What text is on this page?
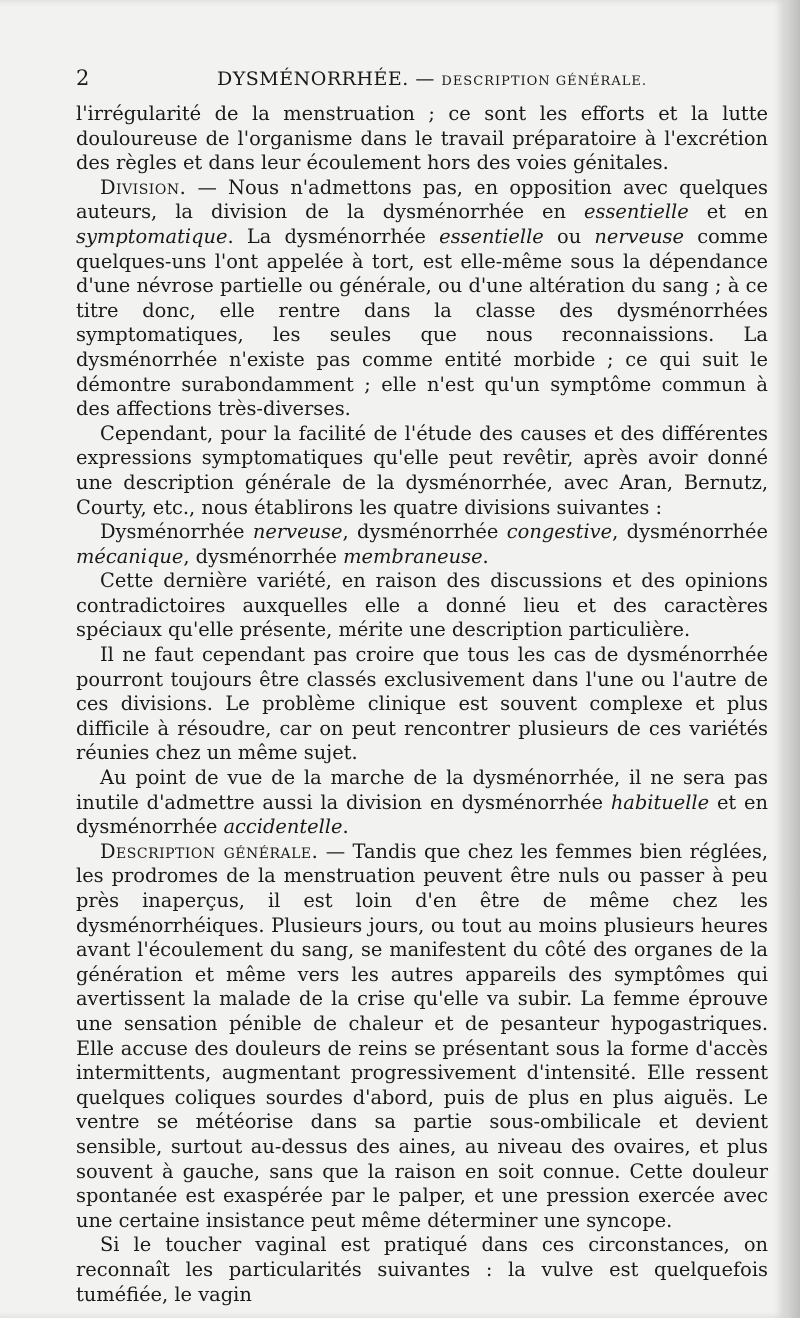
2	DYSMÉNORRHÉE. — DESCRIPTION GÉNÉRALE.

l'irrégularité de la menstruation ; ce sont les efforts et la lutte douloureuse de l'organisme dans le travail préparatoire à l'excrétion des règles et dans leur écoulement hors des voies génitales.

Division. — Nous n'admettons pas, en opposition avec quelques auteurs, la division de la dysménorrhée en essentielle et en symptomatique. La dysménorrhée essentielle ou nerveuse comme quelques-uns l'ont appelée à tort, est elle-même sous la dépendance d'une névrose partielle ou générale, ou d'une altération du sang ; à ce titre donc, elle rentre dans la classe des dysménorrhées symptomatiques, les seules que nous reconnaissions. La dysménorrhée n'existe pas comme entité morbide ; ce qui suit le démontre surabondamment ; elle n'est qu'un symptôme commun à des affections très-diverses.

Cependant, pour la facilité de l'étude des causes et des différentes expressions symptomatiques qu'elle peut revêtir, après avoir donné une description générale de la dysménorrhée, avec Aran, Bernutz, Courty, etc., nous établirons les quatre divisions suivantes :

Dysménorrhée nerveuse, dysménorrhée congestive, dysménorrhée mécanique, dysménorrhée membraneuse.

Cette dernière variété, en raison des discussions et des opinions contradictoires auxquelles elle a donné lieu et des caractères spéciaux qu'elle présente, mérite une description particulière.

Il ne faut cependant pas croire que tous les cas de dysménorrhée pourront toujours être classés exclusivement dans l'une ou l'autre de ces divisions. Le problème clinique est souvent complexe et plus difficile à résoudre, car on peut rencontrer plusieurs de ces variétés réunies chez un même sujet.

Au point de vue de la marche de la dysménorrhée, il ne sera pas inutile d'admettre aussi la division en dysménorrhée habituelle et en dysménorrhée accidentelle.

Description générale. — Tandis que chez les femmes bien réglées, les prodromes de la menstruation peuvent être nuls ou passer à peu près inaperçus, il est loin d'en être de même chez les dysménorrhéiques. Plusieurs jours, ou tout au moins plusieurs heures avant l'écoulement du sang, se manifestent du côté des organes de la génération et même vers les autres appareils des symptômes qui avertissent la malade de la crise qu'elle va subir. La femme éprouve une sensation pénible de chaleur et de pesanteur hypogastriques. Elle accuse des douleurs de reins se présentant sous la forme d'accès intermittents, augmentant progressivement d'intensité. Elle ressent quelques coliques sourdes d'abord, puis de plus en plus aiguës. Le ventre se météorise dans sa partie sous-ombilicale et devient sensible, surtout au-dessus des aines, au niveau des ovaires, et plus souvent à gauche, sans que la raison en soit connue. Cette douleur spontanée est exaspérée par le palper, et une pression exercée avec une certaine insistance peut même déterminer une syncope.

Si le toucher vaginal est pratiqué dans ces circonstances, on reconnaît les particularités suivantes : la vulve est quelquefois tuméfiée, le vagin
